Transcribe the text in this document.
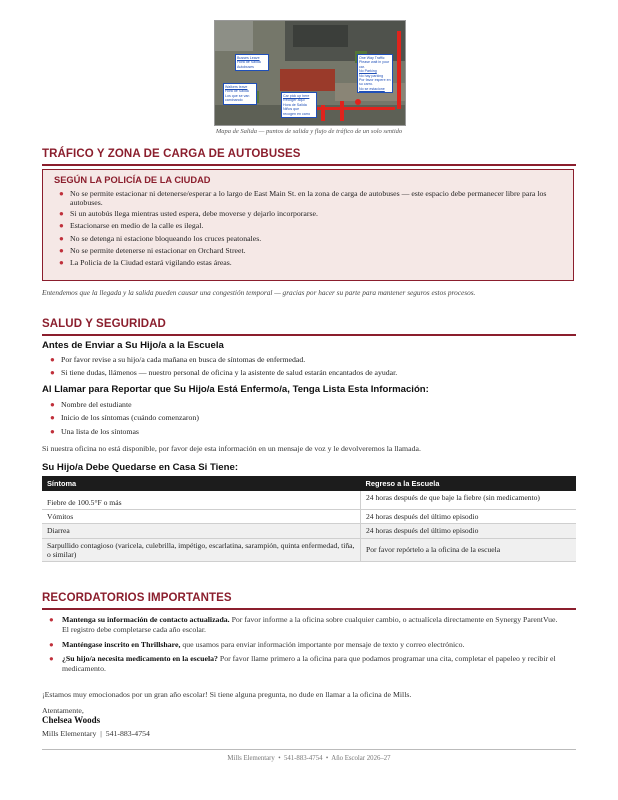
Busses Leave
Hora de Salida
Autobuses
Walkers leave
Hora de Salida
Los que se van
caminando
Car pick up here
Recoger aquí
Hora de Salida
Niños que
recogen en carro
One Way Traffic
Please wait in your
car.
No Parking
No hay parking
Por favor espere en
su carro.
No se estacione
Mapa de Salida — puntos de salida y flujo de tráfico de un solo sentido
TRÁFICO Y ZONA DE CARGA DE AUTOBUSES
SEGÚN LA POLICÍA DE LA CIUDAD
● No se permite estacionar ni detenerse/esperar a lo largo de East Main St. en la zona de carga de autobuses — este espacio debe permanecer libre para los autobuses.
● Si un autobús llega mientras usted espera, debe moverse y dejarlo incorporarse.
● Estacionarse en medio de la calle es ilegal.
● No se detenga ni estacione bloqueando los cruces peatonales.
● No se permite detenerse ni estacionar en Orchard Street.
● La Policía de la Ciudad estará vigilando estas áreas.
Entendemos que la llegada y la salida pueden causar una congestión temporal — gracias por hacer su parte para mantener seguros estos procesos.
SALUD Y SEGURIDAD
Antes de Enviar a Su Hijo/a a la Escuela
● Por favor revise a su hijo/a cada mañana en busca de síntomas de enfermedad.
● Si tiene dudas, llámenos — nuestro personal de oficina y la asistente de salud estarán encantados de ayudar.
Al Llamar para Reportar que Su Hijo/a Está Enfermo/a, Tenga Lista Esta Información:
● Nombre del estudiante
● Inicio de los síntomas (cuándo comenzaron)
● Una lista de los síntomas
Si nuestra oficina no está disponible, por favor deje esta información en un mensaje de voz y le devolveremos la llamada.
Su Hijo/a Debe Quedarse en Casa Si Tiene:
Síntoma	Regreso a la Escuela
Fiebre de 100.5°F o más	24 horas después de que baje la fiebre (sin medicamento)
Vómitos	24 horas después del último episodio
Diarrea	24 horas después del último episodio
Sarpullido contagioso (varicela, culebrilla, impétigo, escarlatina, sarampión, quinta enfermedad, tiña, o similar)	Por favor repórtelo a la oficina de la escuela
RECORDATORIOS IMPORTANTES
● Mantenga su información de contacto actualizada. Por favor informe a la oficina sobre cualquier cambio, o actualícela directamente en Synergy ParentVue. El registro debe completarse cada año escolar.
● Manténgase inscrito en Thrillshare, que usamos para enviar información importante por mensaje de texto y correo electrónico.
● ¿Su hijo/a necesita medicamento en la escuela? Por favor llame primero a la oficina para que podamos programar una cita, completar el papeleo y recibir el medicamento.
¡Estamos muy emocionados por un gran año escolar! Si tiene alguna pregunta, no dude en llamar a la oficina de Mills.
Atentamente,
Chelsea Woods
Mills Elementary  |  541-883-4754
Mills Elementary  •  541-883-4754  •  Año Escolar 2026–27
